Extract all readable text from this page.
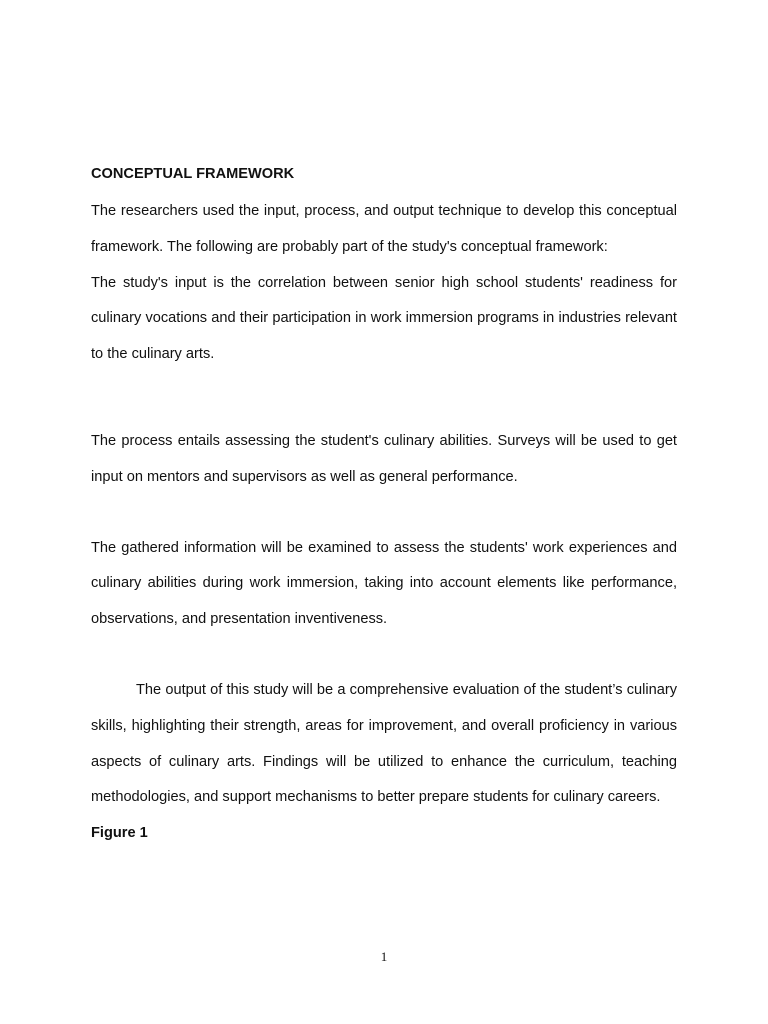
CONCEPTUAL FRAMEWORK

The researchers used the input, process, and output technique to develop this conceptual framework. The following are probably part of the study's conceptual framework:

The study's input is the correlation between senior high school students' readiness for culinary vocations and their participation in work immersion programs in industries relevant to the culinary arts.

The process entails assessing the student's culinary abilities. Surveys will be used to get input on mentors and supervisors as well as general performance.

The gathered information will be examined to assess the students' work experiences and culinary abilities during work immersion, taking into account elements like performance, observations, and presentation inventiveness.

The output of this study will be a comprehensive evaluation of the student’s culinary skills, highlighting their strength, areas for improvement, and overall proficiency in various aspects of culinary arts. Findings will be utilized to enhance the curriculum, teaching methodologies, and support mechanisms to better prepare students for culinary careers.

Figure 1

1
